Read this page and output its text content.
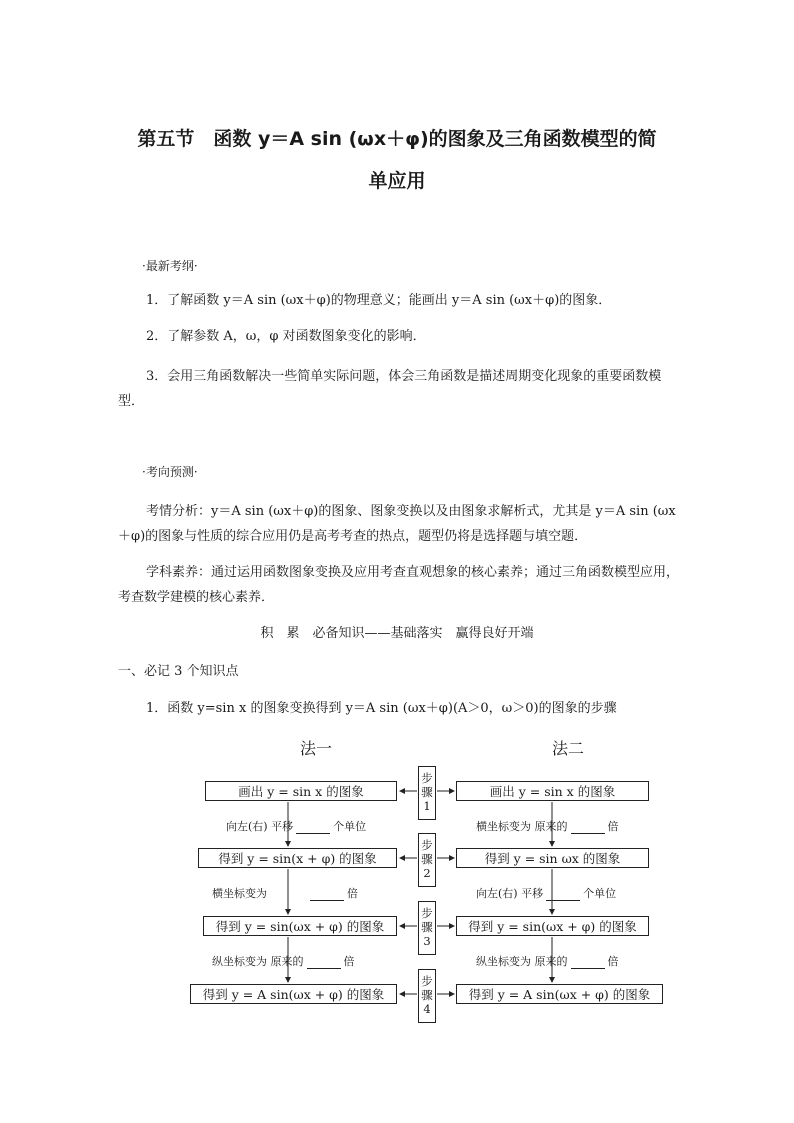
第五节　函数 y＝A sin (ωx＋φ)的图象及三角函数模型的简
单应用
·最新考纲·
1．了解函数 y＝A sin (ωx＋φ)的物理意义；能画出 y＝A sin (ωx＋φ)的图象．
2．了解参数 A，ω，φ 对函数图象变化的影响．
3．会用三角函数解决一些简单实际问题，体会三角函数是描述周期变化现象的重要函数模型．
·考向预测·
考情分析：y＝A sin (ωx＋φ)的图象、图象变换以及由图象求解析式，尤其是 y＝A sin (ωx＋φ)的图象与性质的综合应用仍是高考考查的热点，题型仍将是选择题与填空题．
学科素养：通过运用函数图象变换及应用考查直观想象的核心素养；通过三角函数模型应用，考查数学建模的核心素养．
积　累　必备知识——基础落实　赢得良好开端
一、必记 3 个知识点
1．函数 y=sin x 的图象变换得到 y＝A sin (ωx＋φ)(A＞0，ω＞0)的图象的步骤
法一	法二
画出 y = sin x 的图象
得到 y = sin(x + φ) 的图象
得到 y = sin(ωx + φ) 的图象
得到 y = A sin(ωx + φ) 的图象
画出 y = sin x 的图象
得到 y = sin ωx 的图象
得到 y = sin(ωx + φ) 的图象
得到 y = A sin(ωx + φ) 的图象
步骤1
步骤2
步骤3
步骤4
向左(右) 平移	个单位
横坐标变为	倍
纵坐标变为 原来的	倍
横坐标变为 原来的	倍
向左(右) 平移	个单位
纵坐标变为 原来的	倍
